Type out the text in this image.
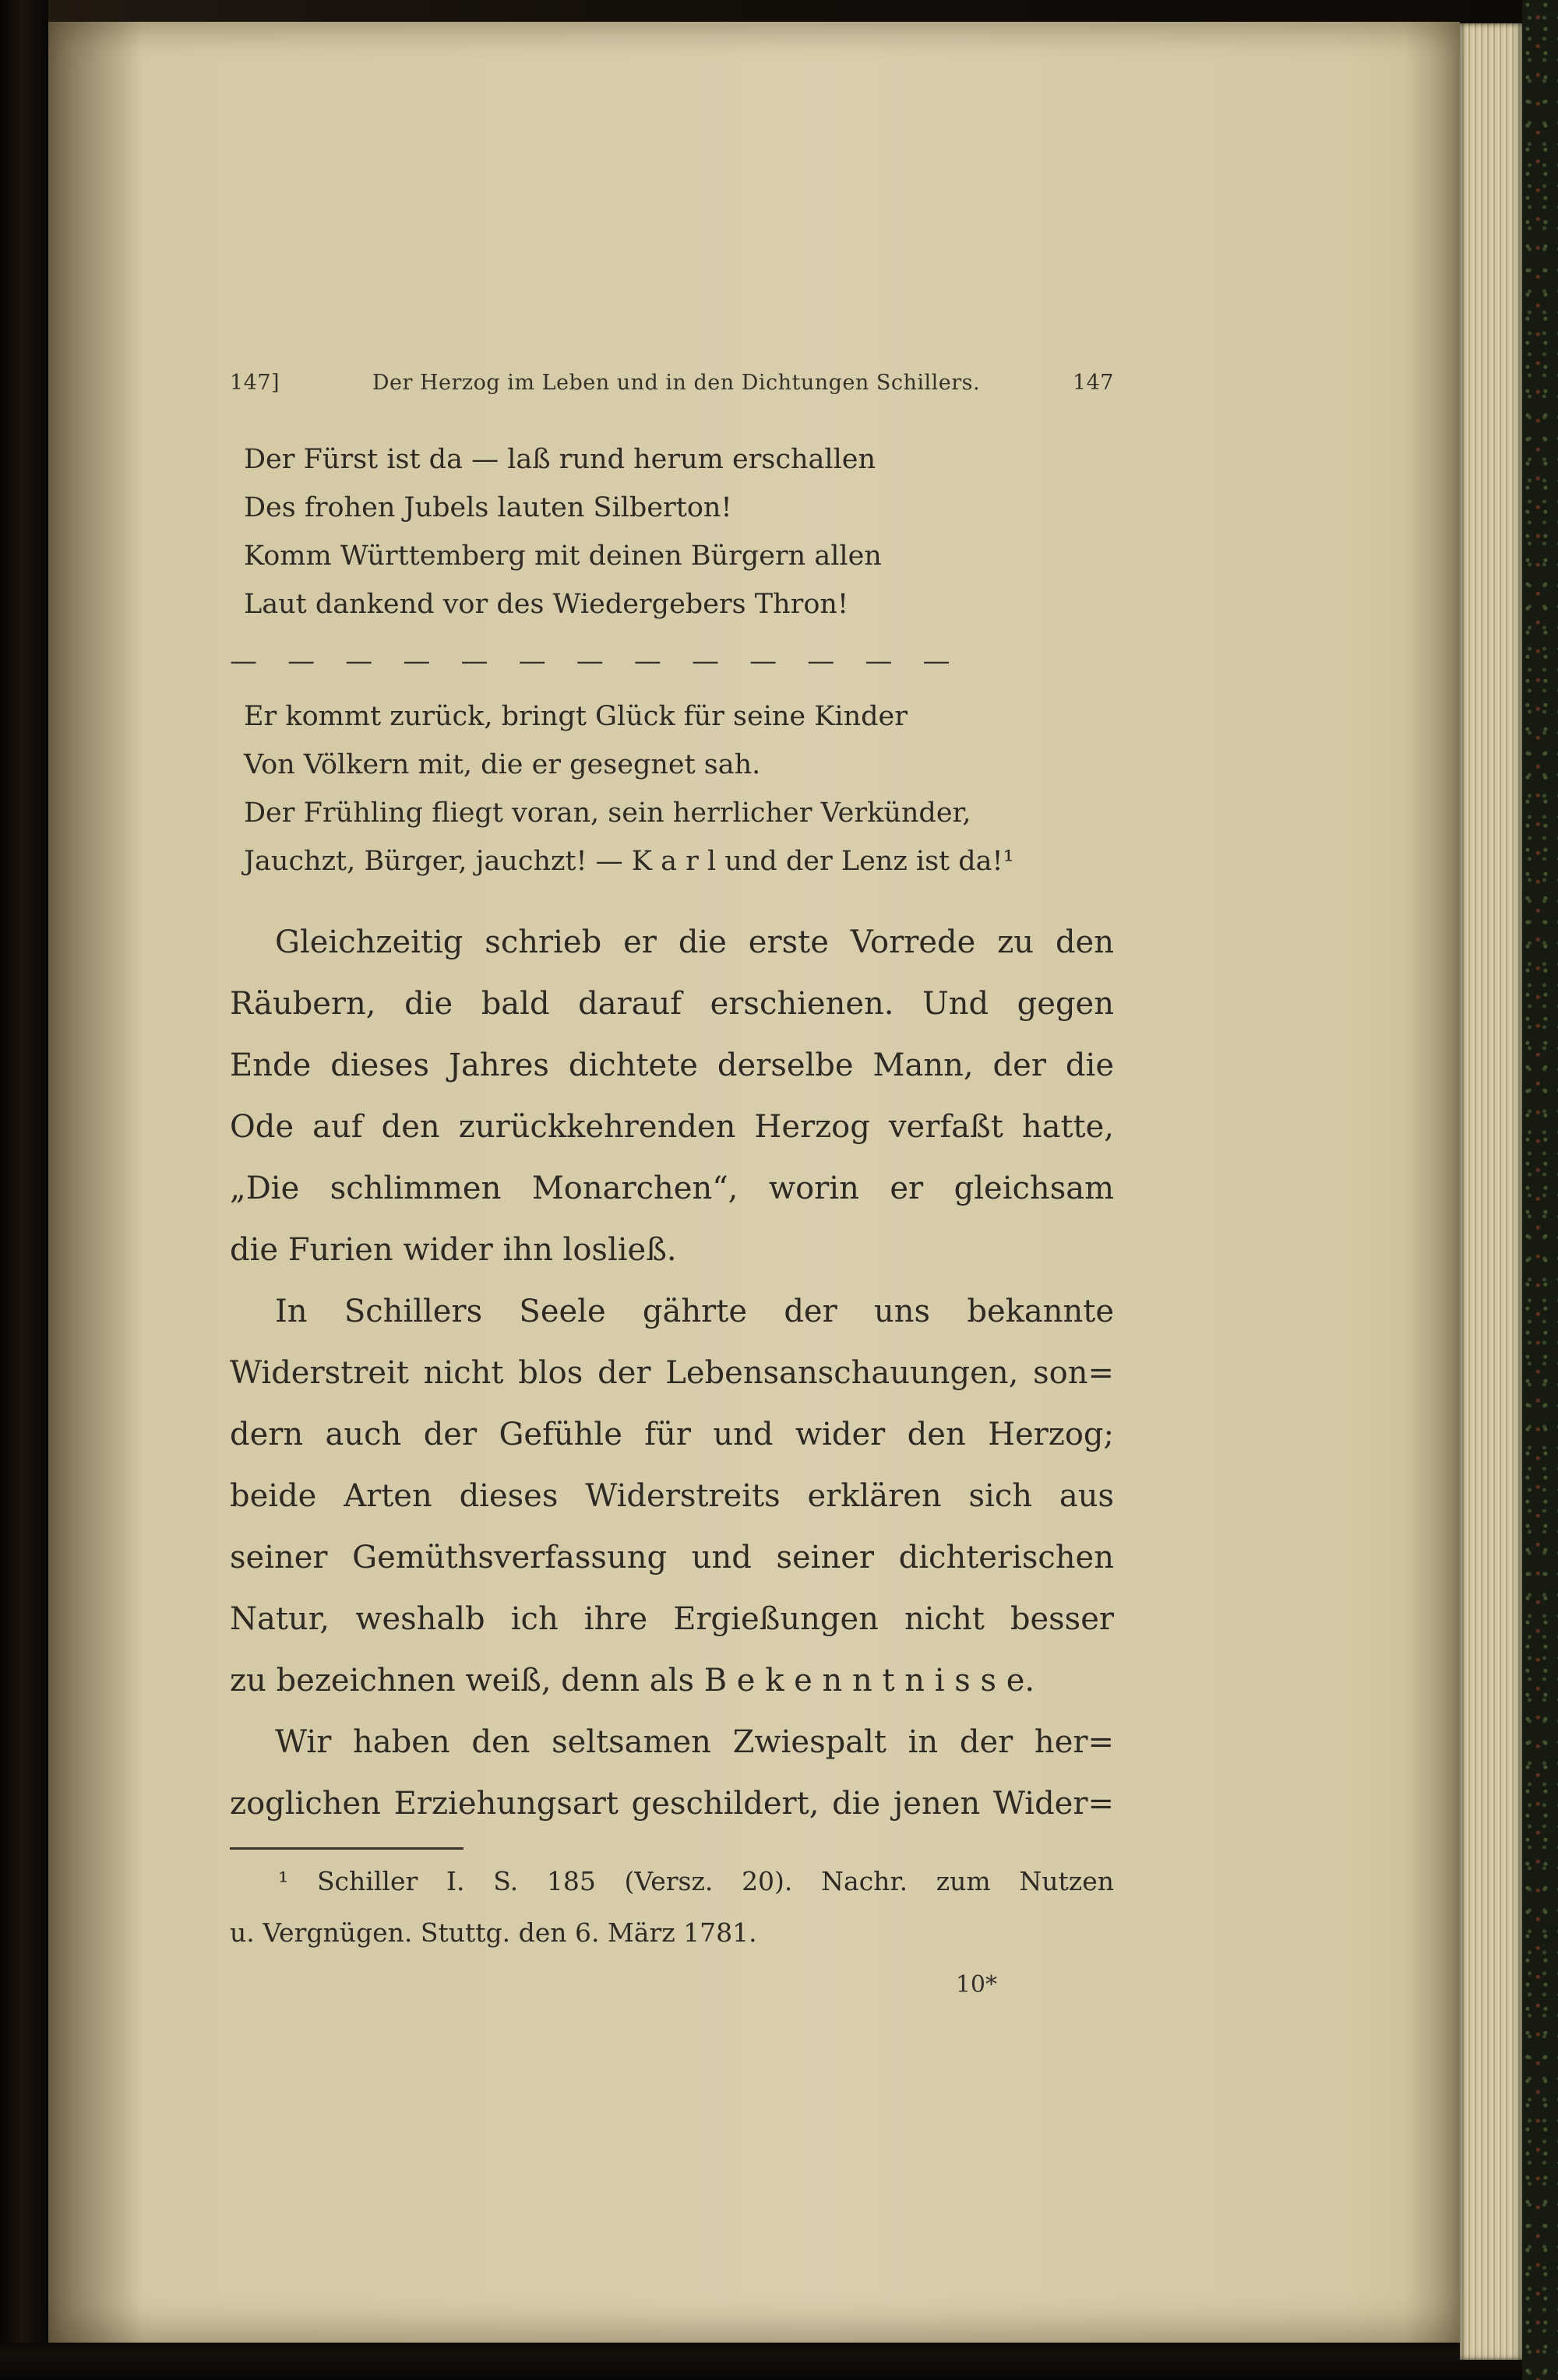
147]	Der Herzog im Leben und in den Dichtungen Schillers.	147
Der Fürst ist da — laß rund herum erschallen
Des frohen Jubels lauten Silberton!
Komm Württemberg mit deinen Bürgern allen
Laut dankend vor des Wiedergebers Thron!
— — — — — — — — — — — — —
Er kommt zurück, bringt Glück für seine Kinder
Von Völkern mit, die er gesegnet sah.
Der Frühling fliegt voran, sein herrlicher Verkünder,
Jauchzt, Bürger, jauchzt! — K a r l und der Lenz ist da!¹
Gleichzeitig schrieb er die erste Vorrede zu den
Räubern, die bald darauf erschienen. Und gegen
Ende dieses Jahres dichtete derselbe Mann, der die
Ode auf den zurückkehrenden Herzog verfaßt hatte,
„Die schlimmen Monarchen“, worin er gleichsam
die Furien wider ihn losließ.
In Schillers Seele gährte der uns bekannte
Widerstreit nicht blos der Lebensanschauungen, son=
dern auch der Gefühle für und wider den Herzog;
beide Arten dieses Widerstreits erklären sich aus
seiner Gemüthsverfassung und seiner dichterischen
Natur, weshalb ich ihre Ergießungen nicht besser
zu bezeichnen weiß, denn als B e k e n n t n i s s e.
Wir haben den seltsamen Zwiespalt in der her=
zoglichen Erziehungsart geschildert, die jenen Wider=
¹ Schiller I. S. 185 (Versz. 20). Nachr. zum Nutzen
u. Vergnügen. Stuttg. den 6. März 1781.
10*
